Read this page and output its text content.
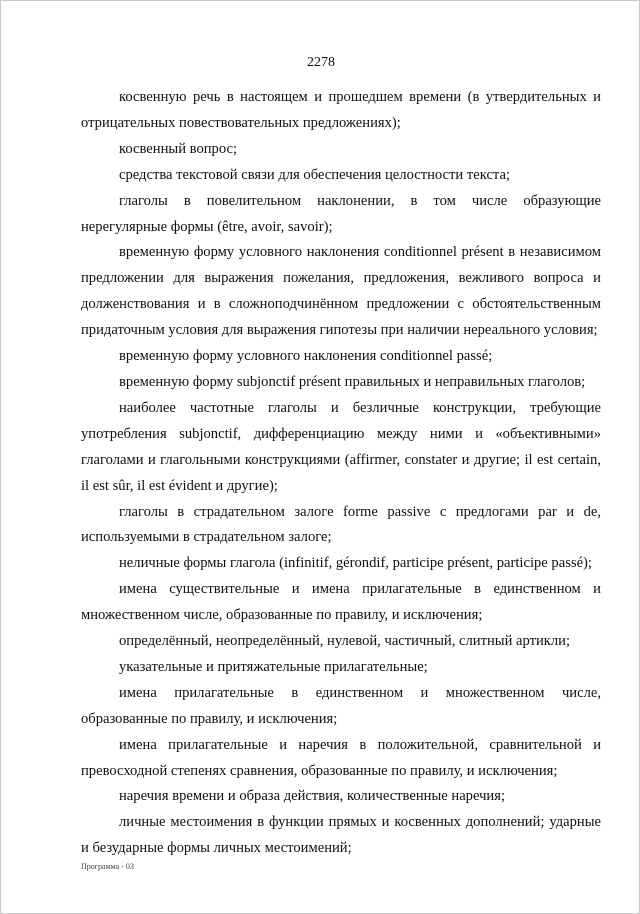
2278

косвенную речь в настоящем и прошедшем времени (в утвердительных и отрицательных повествовательных предложениях);

косвенный вопрос;

средства текстовой связи для обеспечения целостности текста;

глаголы в повелительном наклонении, в том числе образующие нерегулярные формы (être, avoir, savoir);

временную форму условного наклонения conditionnel présent в независимом предложении для выражения пожелания, предложения, вежливого вопроса и долженствования и в сложноподчинённом предложении с обстоятельственным придаточным условия для выражения гипотезы при наличии нереального условия;

временную форму условного наклонения conditionnel passé;

временную форму subjonctif présent правильных и неправильных глаголов;

наиболее частотные глаголы и безличные конструкции, требующие употребления subjonctif, дифференциацию между ними и «объективными» глаголами и глагольными конструкциями (affirmer, constater и другие; il est certain, il est sûr, il est évident и другие);

глаголы в страдательном залоге forme passive с предлогами par и de, используемыми в страдательном залоге;

неличные формы глагола (infinitif, gérondif, participe présent, participe passé);

имена существительные и имена прилагательные в единственном и множественном числе, образованные по правилу, и исключения;

определённый, неопределённый, нулевой, частичный, слитный артикли;

указательные и притяжательные прилагательные;

имена прилагательные в единственном и множественном числе, образованные по правилу, и исключения;

имена прилагательные и наречия в положительной, сравнительной и превосходной степенях сравнения, образованные по правилу, и исключения;

наречия времени и образа действия, количественные наречия;

личные местоимения в функции прямых и косвенных дополнений; ударные и безударные формы личных местоимений;

Программа - 03
